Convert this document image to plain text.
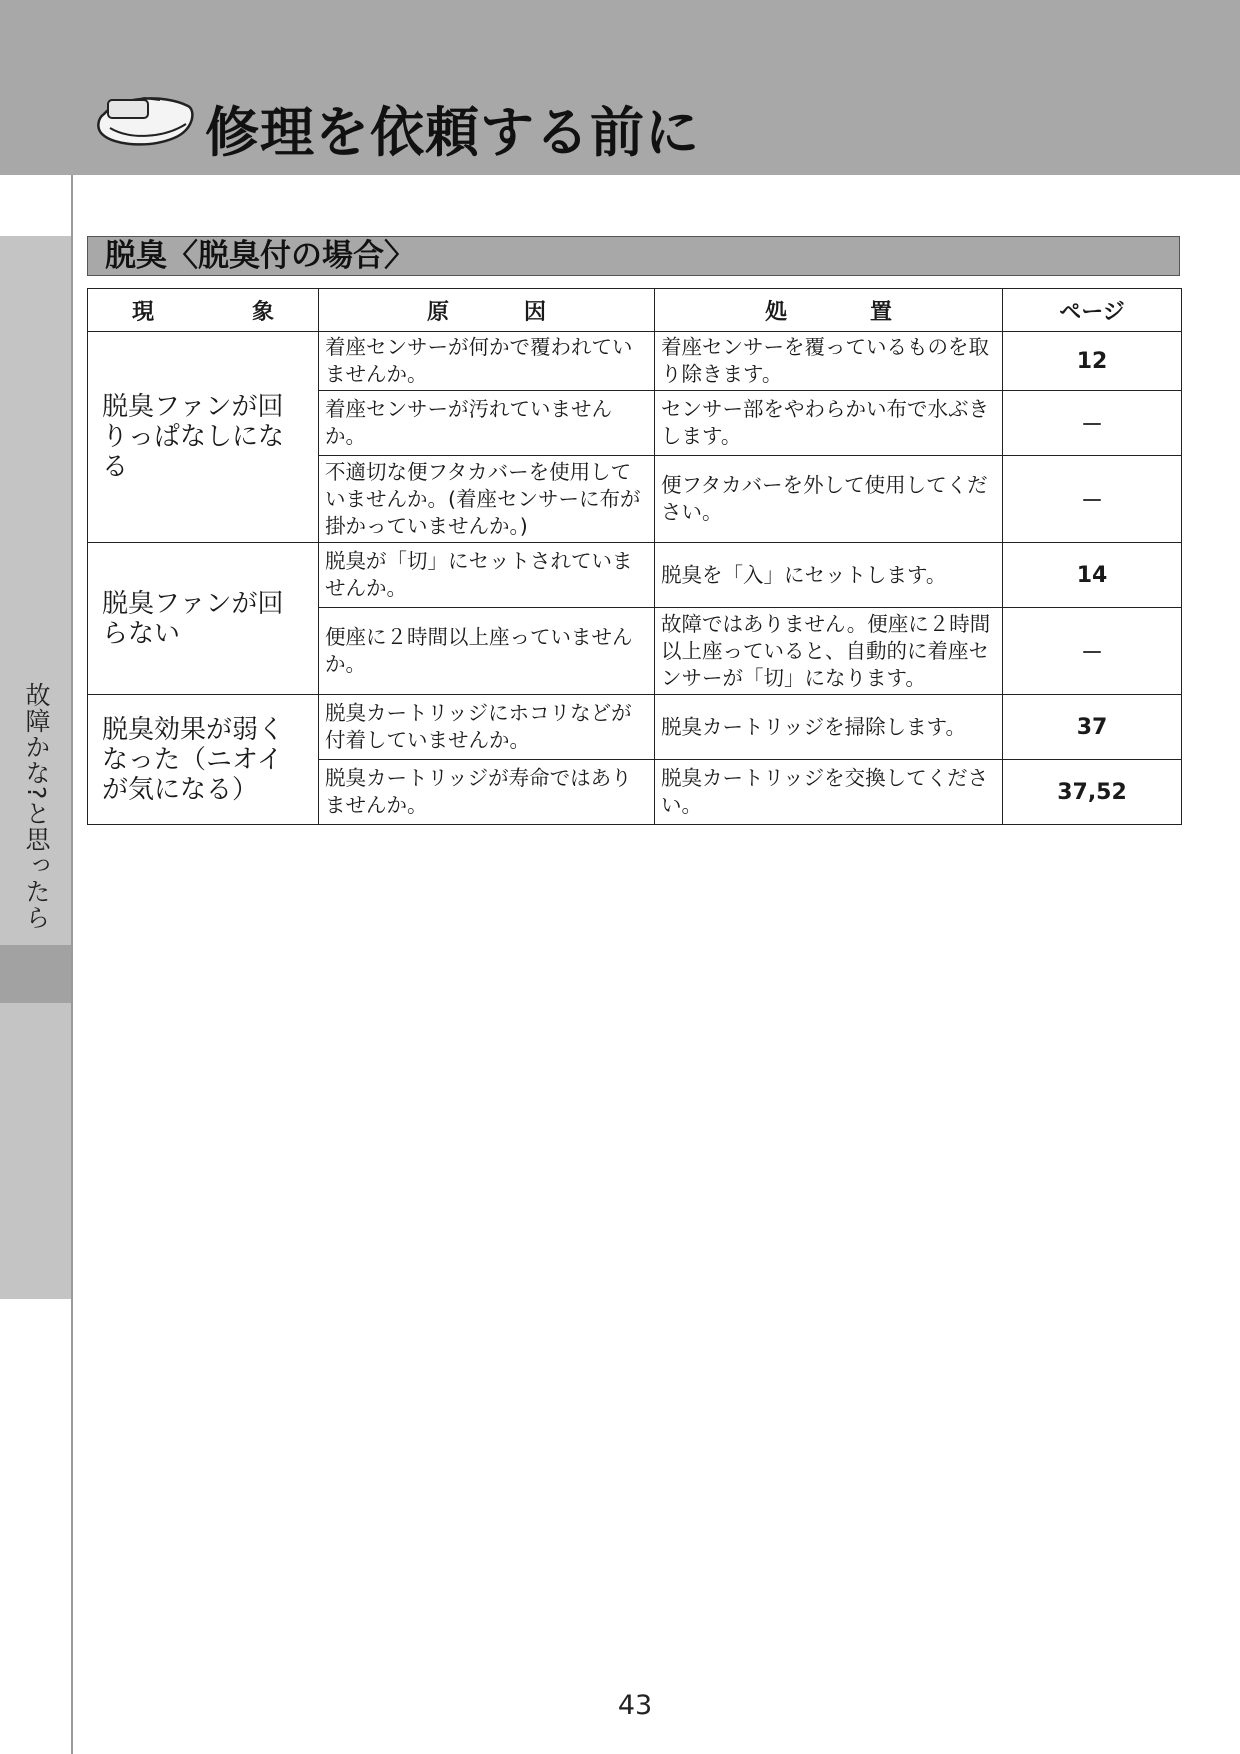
修理を依頼する前に
故障かな?と思ったら
脱臭〈脱臭付の場合〉
現 象	原 因	処 置	ページ
脱臭ファンが回りっぱなしになる	着座センサーが何かで覆われていませんか。	着座センサーを覆っているものを取り除きます。	12
	着座センサーが汚れていませんか。	センサー部をやわらかい布で水ぶきします。	－
	不適切な便フタカバーを使用していませんか。(着座センサーに布が掛かっていませんか。)	便フタカバーを外して使用してください。	－
脱臭ファンが回らない	脱臭が「切」にセットされていませんか。	脱臭を「入」にセットします。	14
	便座に２時間以上座っていませんか。	故障ではありません。便座に２時間以上座っていると、自動的に着座センサーが「切」になります。	－
脱臭効果が弱くなった（ニオイが気になる）	脱臭カートリッジにホコリなどが付着していませんか。	脱臭カートリッジを掃除します。	37
	脱臭カートリッジが寿命ではありませんか。	脱臭カートリッジを交換してください。	37,52
43
